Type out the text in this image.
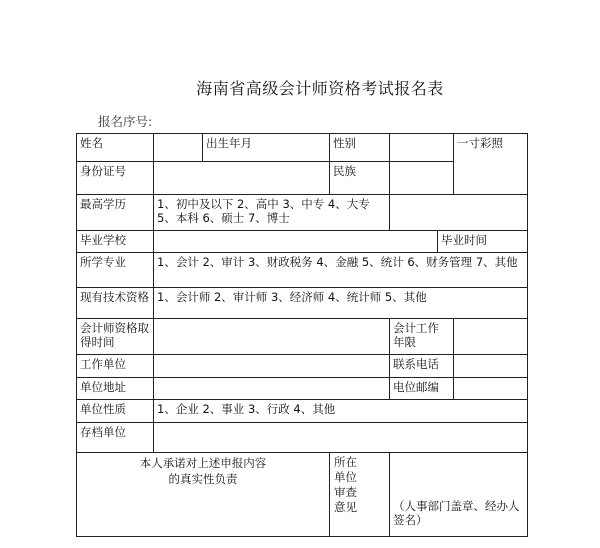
海南省高级会计师资格考试报名表
报名序号:
姓名		出生年月	性别			一寸彩照
身份证号			民族			
最高学历	1、初中及以下 2、高中 3、中专 4、大专 5、本科 6、硕士 7、博士					
毕业学校					毕业时间	
所学专业	1、会计 2、审计 3、财政税务 4、金融 5、统计 6、财务管理 7、其他					
现有技术资格	1、会计师 2、审计师 3、经济师 4、统计师 5、其他					
会计师资格取得时间				会计工作年限		
工作单位				联系电话		
单位地址				电位邮编		
单位性质	1、企业 2、事业 3、行政 4、其他					
存档单位						

本人承诺对上述申报内容的真实性负责			所在单位审查意见	（人事部门盖章、经办人签名）		
